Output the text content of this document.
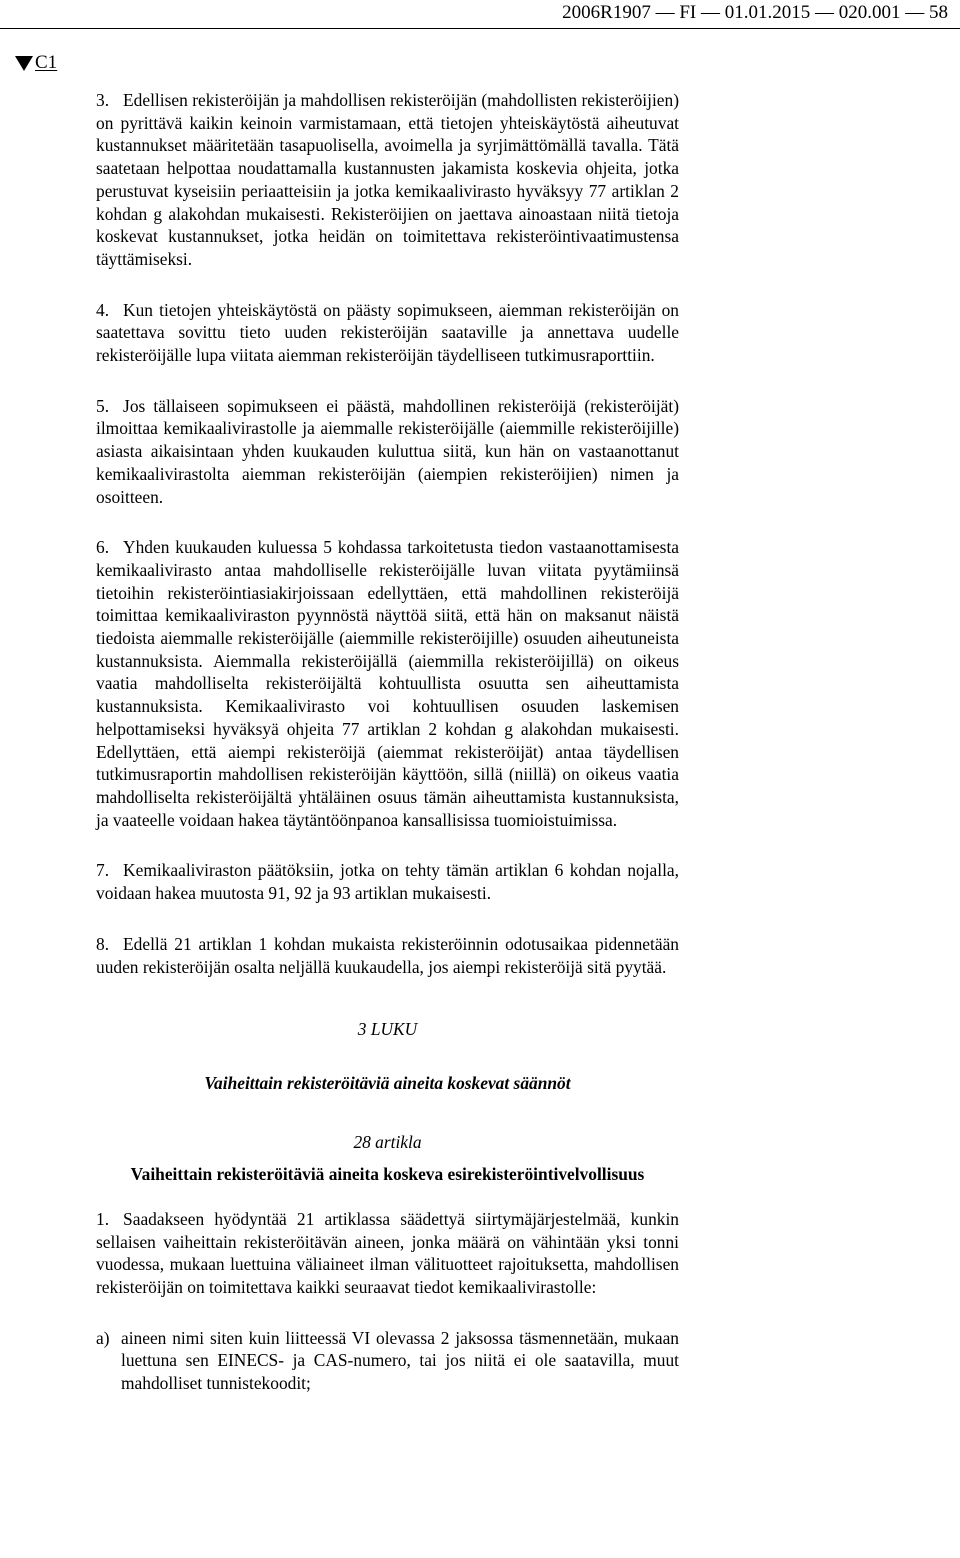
2006R1907 — FI — 01.01.2015 — 020.001 — 58
C1

3. Edellisen rekisteröijän ja mahdollisen rekisteröijän (mahdollisten rekisteröijien) on pyrittävä kaikin keinoin varmistamaan, että tietojen yhteiskäytöstä aiheutuvat kustannukset määritetään tasapuolisella, avoimella ja syrjimättömällä tavalla. Tätä saatetaan helpottaa noudattamalla kustannusten jakamista koskevia ohjeita, jotka perustuvat kyseisiin periaatteisiin ja jotka kemikaalivirasto hyväksyy 77 artiklan 2 kohdan g alakohdan mukaisesti. Rekisteröijien on jaettava ainoastaan niitä tietoja koskevat kustannukset, jotka heidän on toimitettava rekisteröintivaatimustensa täyttämiseksi.

4. Kun tietojen yhteiskäytöstä on päästy sopimukseen, aiemman rekisteröijän on saatettava sovittu tieto uuden rekisteröijän saataville ja annettava uudelle rekisteröijälle lupa viitata aiemman rekisteröijän täydelliseen tutkimusraporttiin.

5. Jos tällaiseen sopimukseen ei päästä, mahdollinen rekisteröijä (rekisteröijät) ilmoittaa kemikaalivirastolle ja aiemmalle rekisteröijälle (aiemmille rekisteröijille) asiasta aikaisintaan yhden kuukauden kuluttua siitä, kun hän on vastaanottanut kemikaalivirastolta aiemman rekisteröijän (aiempien rekisteröijien) nimen ja osoitteen.

6. Yhden kuukauden kuluessa 5 kohdassa tarkoitetusta tiedon vastaanottamisesta kemikaalivirasto antaa mahdolliselle rekisteröijälle luvan viitata pyytämiinsä tietoihin rekisteröintiasiakirjoissaan edellyttäen, että mahdollinen rekisteröijä toimittaa kemikaaliviraston pyynnöstä näyttöä siitä, että hän on maksanut näistä tiedoista aiemmalle rekisteröijälle (aiemmille rekisteröijille) osuuden aiheutuneista kustannuksista. Aiemmalla rekisteröijällä (aiemmilla rekisteröijillä) on oikeus vaatia mahdolliselta rekisteröijältä kohtuullista osuutta sen aiheuttamista kustannuksista. Kemikaalivirasto voi kohtuullisen osuuden laskemisen helpottamiseksi hyväksyä ohjeita 77 artiklan 2 kohdan g alakohdan mukaisesti. Edellyttäen, että aiempi rekisteröijä (aiemmat rekisteröijät) antaa täydellisen tutkimusraportin mahdollisen rekisteröijän käyttöön, sillä (niillä) on oikeus vaatia mahdolliselta rekisteröijältä yhtäläinen osuus tämän aiheuttamista kustannuksista, ja vaateelle voidaan hakea täytäntöönpanoa kansallisissa tuomioistuimissa.

7. Kemikaaliviraston päätöksiin, jotka on tehty tämän artiklan 6 kohdan nojalla, voidaan hakea muutosta 91, 92 ja 93 artiklan mukaisesti.

8. Edellä 21 artiklan 1 kohdan mukaista rekisteröinnin odotusaikaa pidennetään uuden rekisteröijän osalta neljällä kuukaudella, jos aiempi rekisteröijä sitä pyytää.

3 LUKU
Vaiheittain rekisteröitäviä aineita koskevat säännöt
28 artikla
Vaiheittain rekisteröitäviä aineita koskeva esirekisteröintivelvollisuus

1. Saadakseen hyödyntää 21 artiklassa säädettyä siirtymäjärjestelmää, kunkin sellaisen vaiheittain rekisteröitävän aineen, jonka määrä on vähintään yksi tonni vuodessa, mukaan luettuina väliaineet ilman välituotteet rajoituksetta, mahdollisen rekisteröijän on toimitettava kaikki seuraavat tiedot kemikaalivirastolle:

a) aineen nimi siten kuin liitteessä VI olevassa 2 jaksossa täsmennetään, mukaan luettuna sen EINECS- ja CAS-numero, tai jos niitä ei ole saatavilla, muut mahdolliset tunnistekoodit;
